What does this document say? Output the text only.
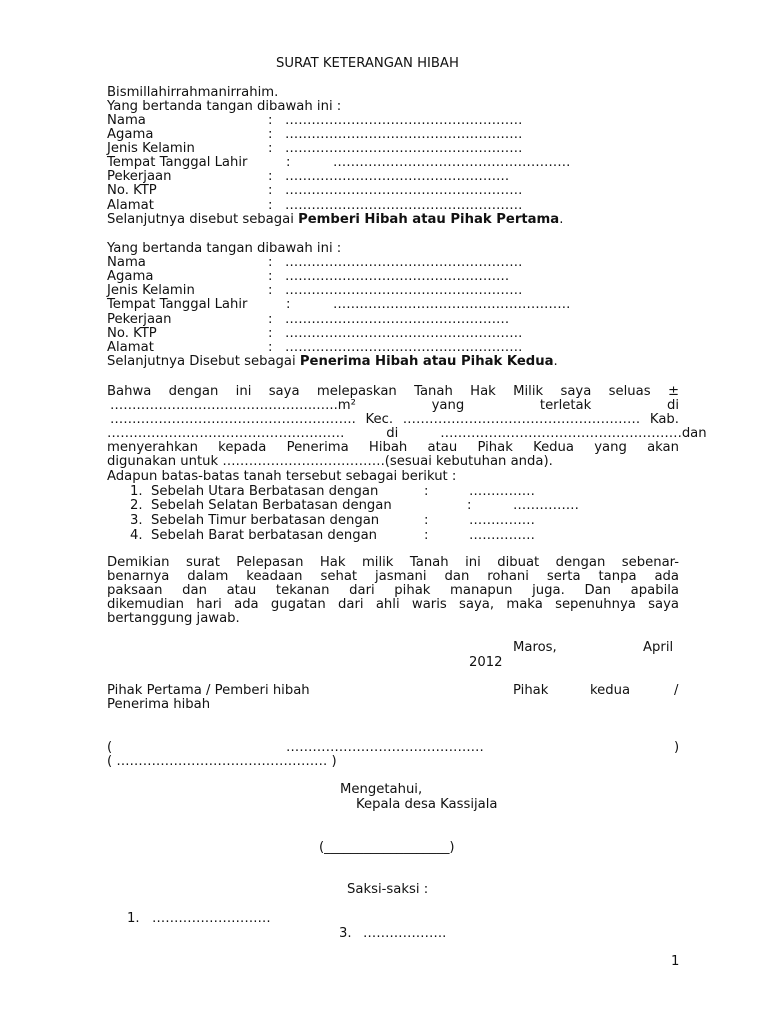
SURAT KETERANGAN HIBAH
Bismillahirrahmanirrahim.
Yang bertanda tangan dibawah ini :
Nama	: ………………………………………………
Agama	: ………………………………………………
Jenis Kelamin	: ………………………………………………
Tempat Tanggal Lahir	:	………………………………………………
Pekerjaan	: ……………………………………………
No. KTP	: ………………………………………………
Alamat	: ………………………………………………
Selanjutnya disebut sebagai Pemberi Hibah atau Pihak Pertama.
Yang bertanda tangan dibawah ini :
Nama	: ………………………………………………
Agama	: ……………………………………………
Jenis Kelamin	: ………………………………………………
Tempat Tanggal Lahir	:	………………………………………………
Pekerjaan	: ……………………………………………
No. KTP	: ………………………………………………
Alamat	: ………………………………………………
Selanjutnya Disebut sebagai Penerima Hibah atau Pihak Kedua.
Bahwa dengan ini saya melepaskan Tanah Hak Milik saya seluas ±
………………………………………..…..m²            yang            terletak            di
……………………………………………….. Kec. ……………………………………………… Kab.
………………………………………………          di          ……………………………………………….dan
menyerahkan kepada Penerima Hibah atau Pihak Kedua yang akan
digunakan untuk ……………………………….(sesuai kebutuhan anda).
Adapun batas-batas tanah tersebut sebagai berikut :
1. Sebelah Utara Berbatasan dengan	:	……………
2. Sebelah Selatan Berbatasan dengan	:	……………
3. Sebelah Timur berbatasan dengan	:	……………
4. Sebelah Barat berbatasan dengan	:	……………
Demikian surat Pelepasan Hak milik Tanah ini dibuat dengan sebenar-
benarnya dalam keadaan sehat jasmani dan rohani serta tanpa ada
paksaan dan atau tekanan dari pihak manapun juga. Dan apabila
dikemudian hari ada gugatan dari ahli waris saya, maka sepenuhnya saya
bertanggung jawab.
Maros,	April
2012
Pihak Pertama / Pemberi hibah	Pihak	kedua	/
Penerima hibah
(	………………………………………	)
( ………………………………………… )
Mengetahui,
Kepala desa Kassijala
(___________________)
Saksi-saksi :
1. ………………………
3. ……………….
1
